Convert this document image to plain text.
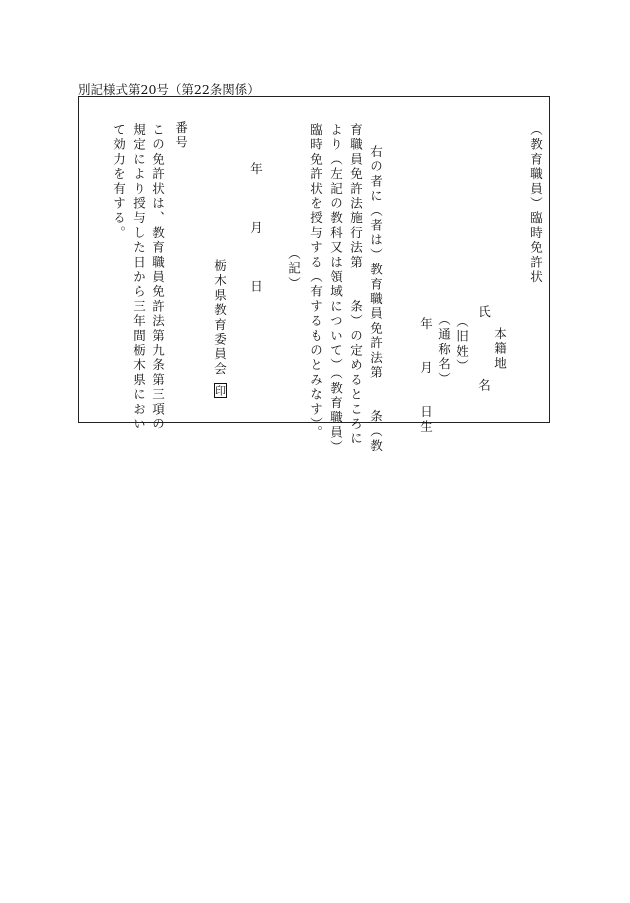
別記様式第20号（第22条関係）
（教育職員）臨時免許状
本籍地
氏　　　　名
（旧姓）
（通称名）
年　　月　　日生
右の者に（者は）教育職員免許法第　　条（教
育職員免許法施行法第　　条）の定めるところに
より（左記の教科又は領域について）（教育職員）
臨時免許状を授与する（有するものとみなす）。
（記）
年　　　月　　　日
栃木県教育委員会印
番号
この免許状は、教育職員免許法第九条第三項の
規定により授与した日から三年間栃木県におい
て効力を有する。
